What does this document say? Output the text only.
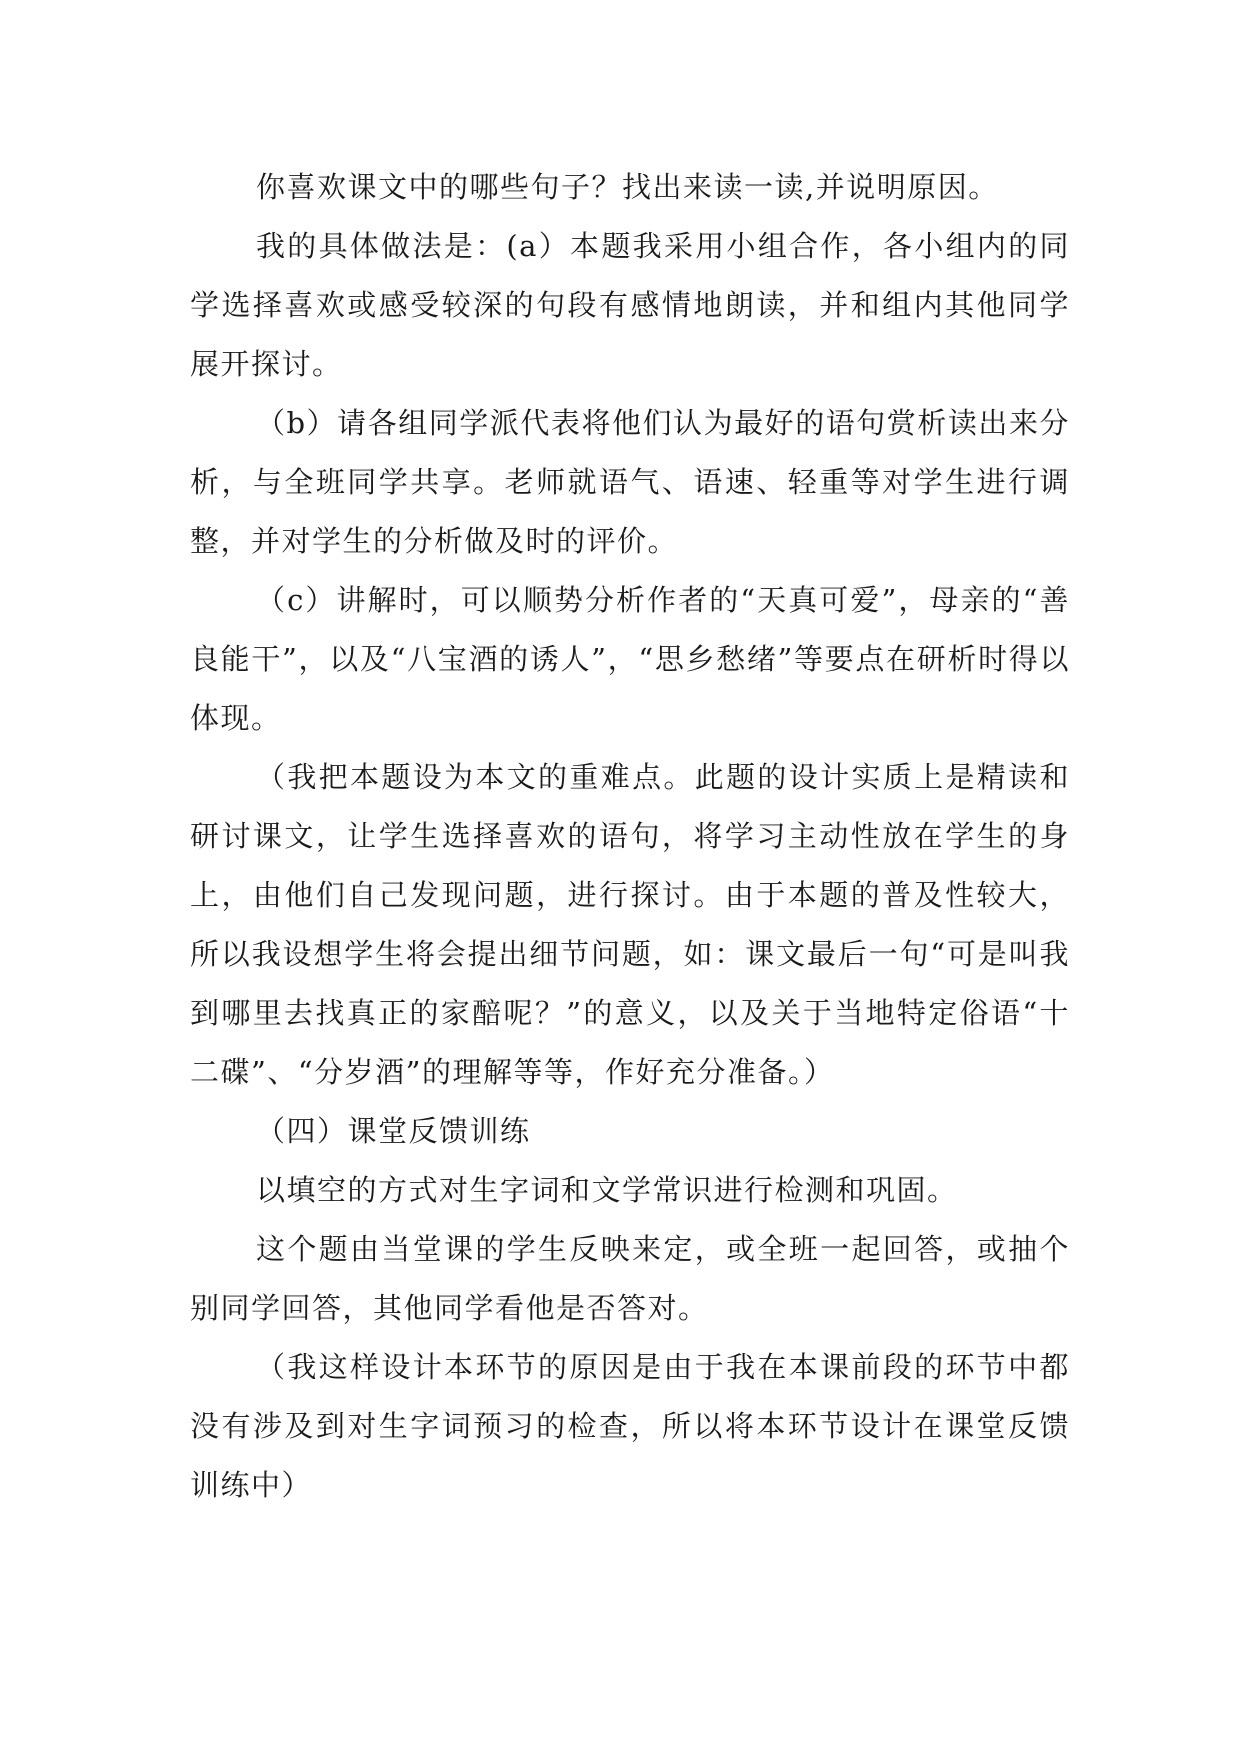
你喜欢课文中的哪些句子？找出来读一读,并说明原因。

我的具体做法是：(a）本题我采用小组合作，各小组内的同学选择喜欢或感受较深的句段有感情地朗读，并和组内其他同学展开探讨。

（b）请各组同学派代表将他们认为最好的语句赏析读出来分析，与全班同学共享。老师就语气、语速、轻重等对学生进行调整，并对学生的分析做及时的评价。

（c）讲解时，可以顺势分析作者的“天真可爱”，母亲的“善良能干”，以及“八宝酒的诱人”，“思乡愁绪”等要点在研析时得以体现。

（我把本题设为本文的重难点。此题的设计实质上是精读和研讨课文，让学生选择喜欢的语句，将学习主动性放在学生的身上，由他们自己发现问题，进行探讨。由于本题的普及性较大，所以我设想学生将会提出细节问题，如：课文最后一句“可是叫我到哪里去找真正的家醅呢？”的意义，以及关于当地特定俗语“十二碟”、“分岁酒”的理解等等，作好充分准备。）

（四）课堂反馈训练

以填空的方式对生字词和文学常识进行检测和巩固。

这个题由当堂课的学生反映来定，或全班一起回答，或抽个别同学回答，其他同学看他是否答对。

（我这样设计本环节的原因是由于我在本课前段的环节中都没有涉及到对生字词预习的检查，所以将本环节设计在课堂反馈训练中）
